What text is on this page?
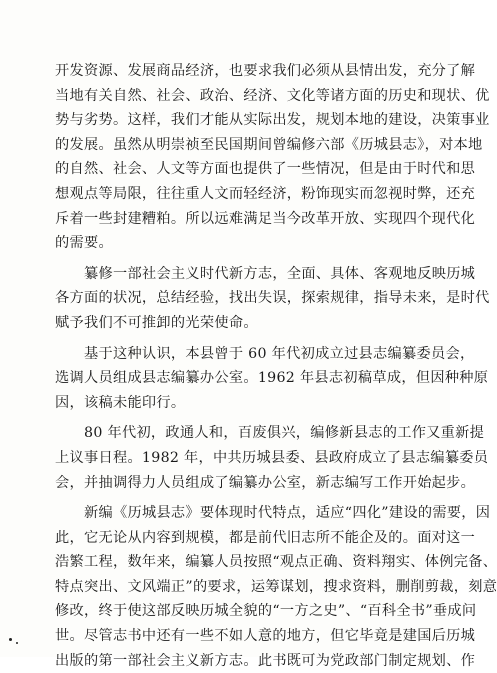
开发资源、发展商品经济，也要求我们必须从县情出发，充分了解
当地有关自然、社会、政治、经济、文化等诸方面的历史和现状、优
势与劣势。这样，我们才能从实际出发，规划本地的建设，决策事业
的发展。虽然从明崇祯至民国期间曾编修六部《历城县志》，对本地
的自然、社会、人文等方面也提供了一些情况，但是由于时代和思
想观点等局限，往往重人文而轻经济，粉饰现实而忽视时弊，还充
斥着一些封建糟粕。所以远难满足当今改革开放、实现四个现代化
的需要。
纂修一部社会主义时代新方志，全面、具体、客观地反映历城
各方面的状况，总结经验，找出失误，探索规律，指导未来，是时代
赋予我们不可推卸的光荣使命。
基于这种认识，本县曾于 60 年代初成立过县志编纂委员会，
选调人员组成县志编纂办公室。1962 年县志初稿草成，但因种种原
因，该稿未能印行。
80 年代初，政通人和，百废俱兴，编修新县志的工作又重新提
上议事日程。1982 年，中共历城县委、县政府成立了县志编纂委员
会，并抽调得力人员组成了编纂办公室，新志编写工作开始起步。
新编《历城县志》要体现时代特点，适应“四化”建设的需要，因
此，它无论从内容到规模，都是前代旧志所不能企及的。面对这一
浩繁工程，数年来，编纂人员按照“观点正确、资料翔实、体例完备、
特点突出、文风端正”的要求，运筹谋划，搜求资料，删削剪裁，刻意
修改，终于使这部反映历城全貌的“一方之史”、“百科全书”垂成问
世。尽管志书中还有一些不如人意的地方，但它毕竟是建国后历城
出版的第一部社会主义新方志。此书既可为党政部门制定规划、作
